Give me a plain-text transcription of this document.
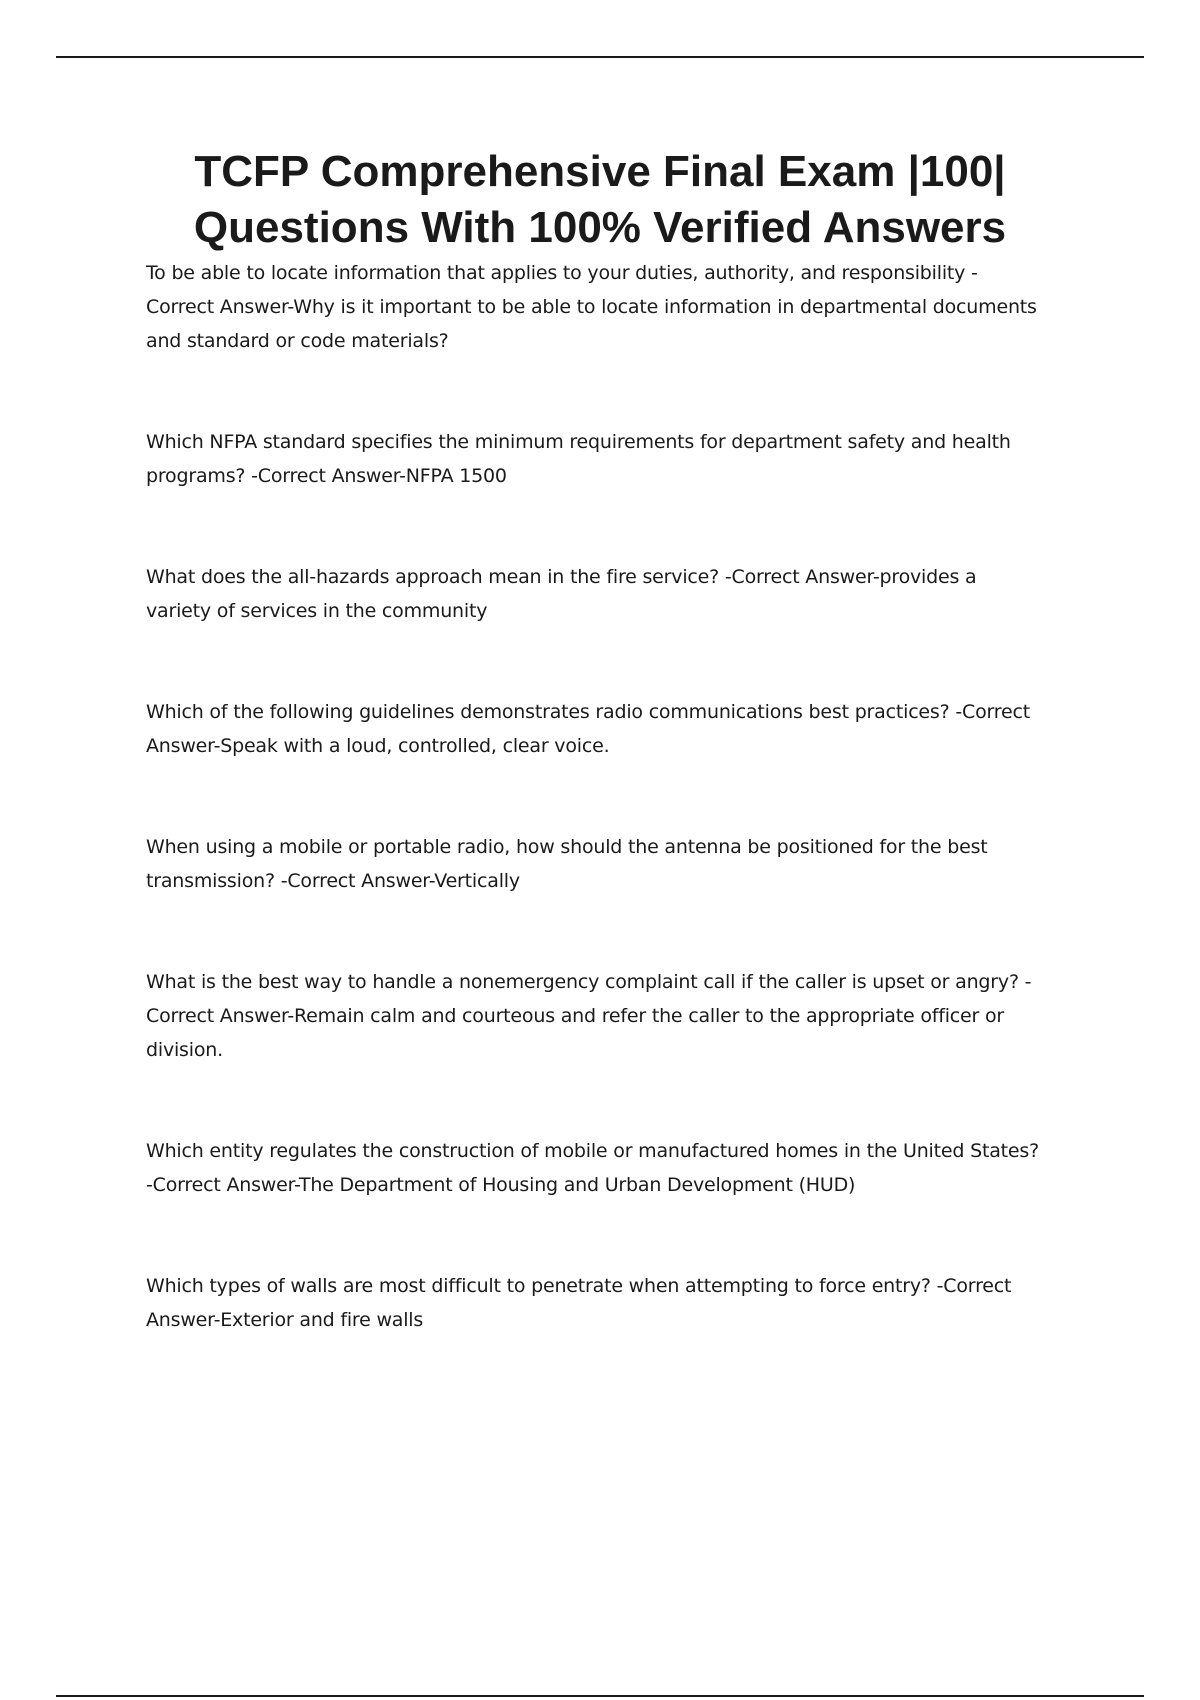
TCFP Comprehensive Final Exam |100|
Questions With 100% Verified Answers

To be able to locate information that applies to your duties, authority, and responsibility -
Correct Answer-Why is it important to be able to locate information in departmental documents
and standard or code materials?

Which NFPA standard specifies the minimum requirements for department safety and health
programs? -Correct Answer-NFPA 1500

What does the all-hazards approach mean in the fire service? -Correct Answer-provides a
variety of services in the community

Which of the following guidelines demonstrates radio communications best practices? -Correct
Answer-Speak with a loud, controlled, clear voice.

When using a mobile or portable radio, how should the antenna be positioned for the best
transmission? -Correct Answer-Vertically

What is the best way to handle a nonemergency complaint call if the caller is upset or angry? -
Correct Answer-Remain calm and courteous and refer the caller to the appropriate officer or
division.

Which entity regulates the construction of mobile or manufactured homes in the United States?
-Correct Answer-The Department of Housing and Urban Development (HUD)

Which types of walls are most difficult to penetrate when attempting to force entry? -Correct
Answer-Exterior and fire walls
